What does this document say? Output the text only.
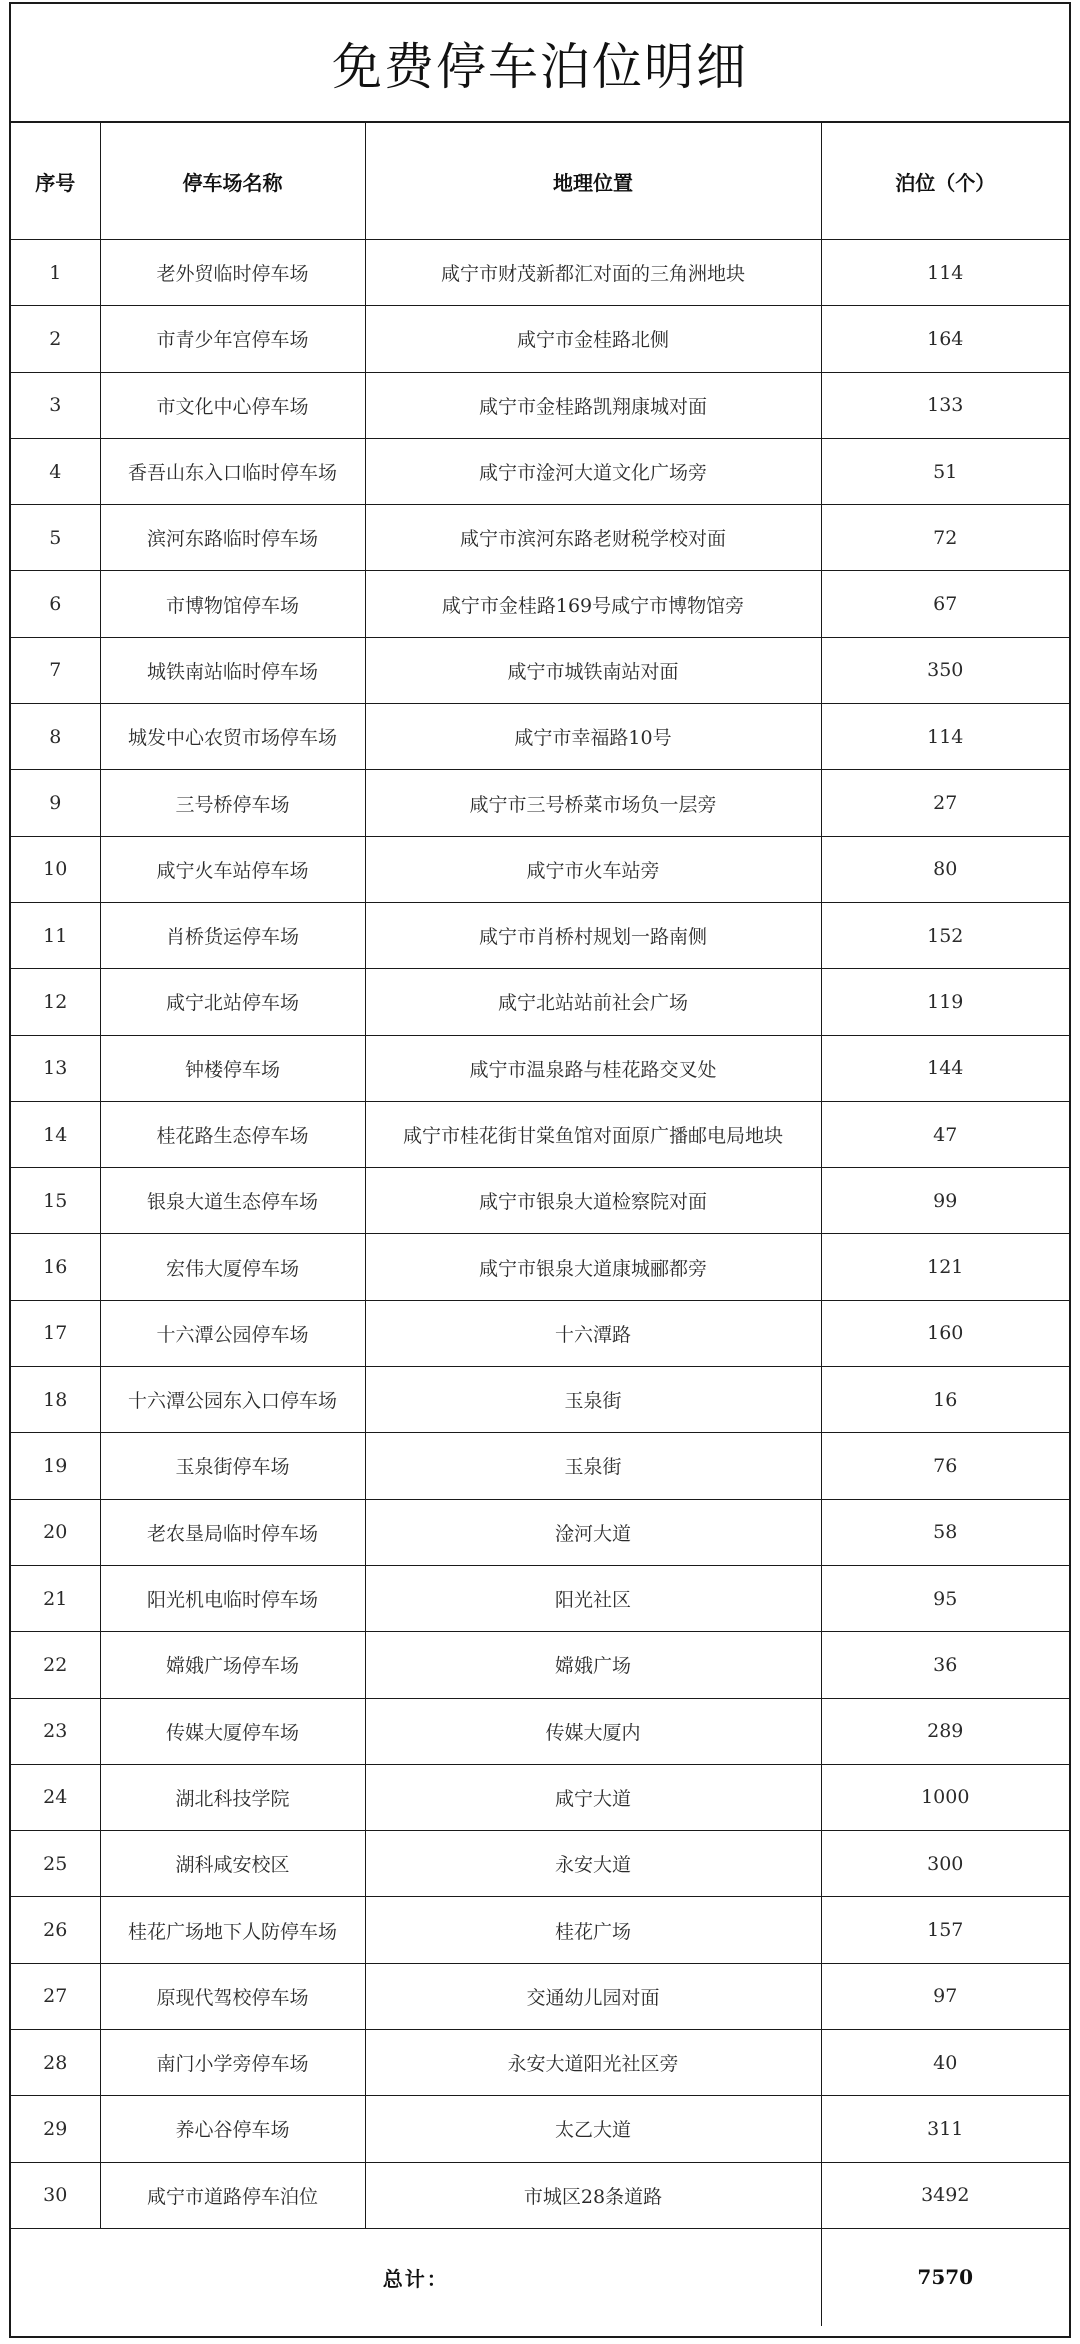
免费停车泊位明细
序号	停车场名称	地理位置	泊位（个）
1	老外贸临时停车场	咸宁市财茂新都汇对面的三角洲地块	114
2	市青少年宫停车场	咸宁市金桂路北侧	164
3	市文化中心停车场	咸宁市金桂路凯翔康城对面	133
4	香吾山东入口临时停车场	咸宁市淦河大道文化广场旁	51
5	滨河东路临时停车场	咸宁市滨河东路老财税学校对面	72
6	市博物馆停车场	咸宁市金桂路169号咸宁市博物馆旁	67
7	城铁南站临时停车场	咸宁市城铁南站对面	350
8	城发中心农贸市场停车场	咸宁市幸福路10号	114
9	三号桥停车场	咸宁市三号桥菜市场负一层旁	27
10	咸宁火车站停车场	咸宁市火车站旁	80
11	肖桥货运停车场	咸宁市肖桥村规划一路南侧	152
12	咸宁北站停车场	咸宁北站站前社会广场	119
13	钟楼停车场	咸宁市温泉路与桂花路交叉处	144
14	桂花路生态停车场	咸宁市桂花街甘棠鱼馆对面原广播邮电局地块	47
15	银泉大道生态停车场	咸宁市银泉大道检察院对面	99
16	宏伟大厦停车场	咸宁市银泉大道康城郦都旁	121
17	十六潭公园停车场	十六潭路	160
18	十六潭公园东入口停车场	玉泉街	16
19	玉泉街停车场	玉泉街	76
20	老农垦局临时停车场	淦河大道	58
21	阳光机电临时停车场	阳光社区	95
22	嫦娥广场停车场	嫦娥广场	36
23	传媒大厦停车场	传媒大厦内	289
24	湖北科技学院	咸宁大道	1000
25	湖科咸安校区	永安大道	300
26	桂花广场地下人防停车场	桂花广场	157
27	原现代驾校停车场	交通幼儿园对面	97
28	南门小学旁停车场	永安大道阳光社区旁	40
29	养心谷停车场	太乙大道	311
30	咸宁市道路停车泊位	市城区28条道路	3492
总计：			7570
